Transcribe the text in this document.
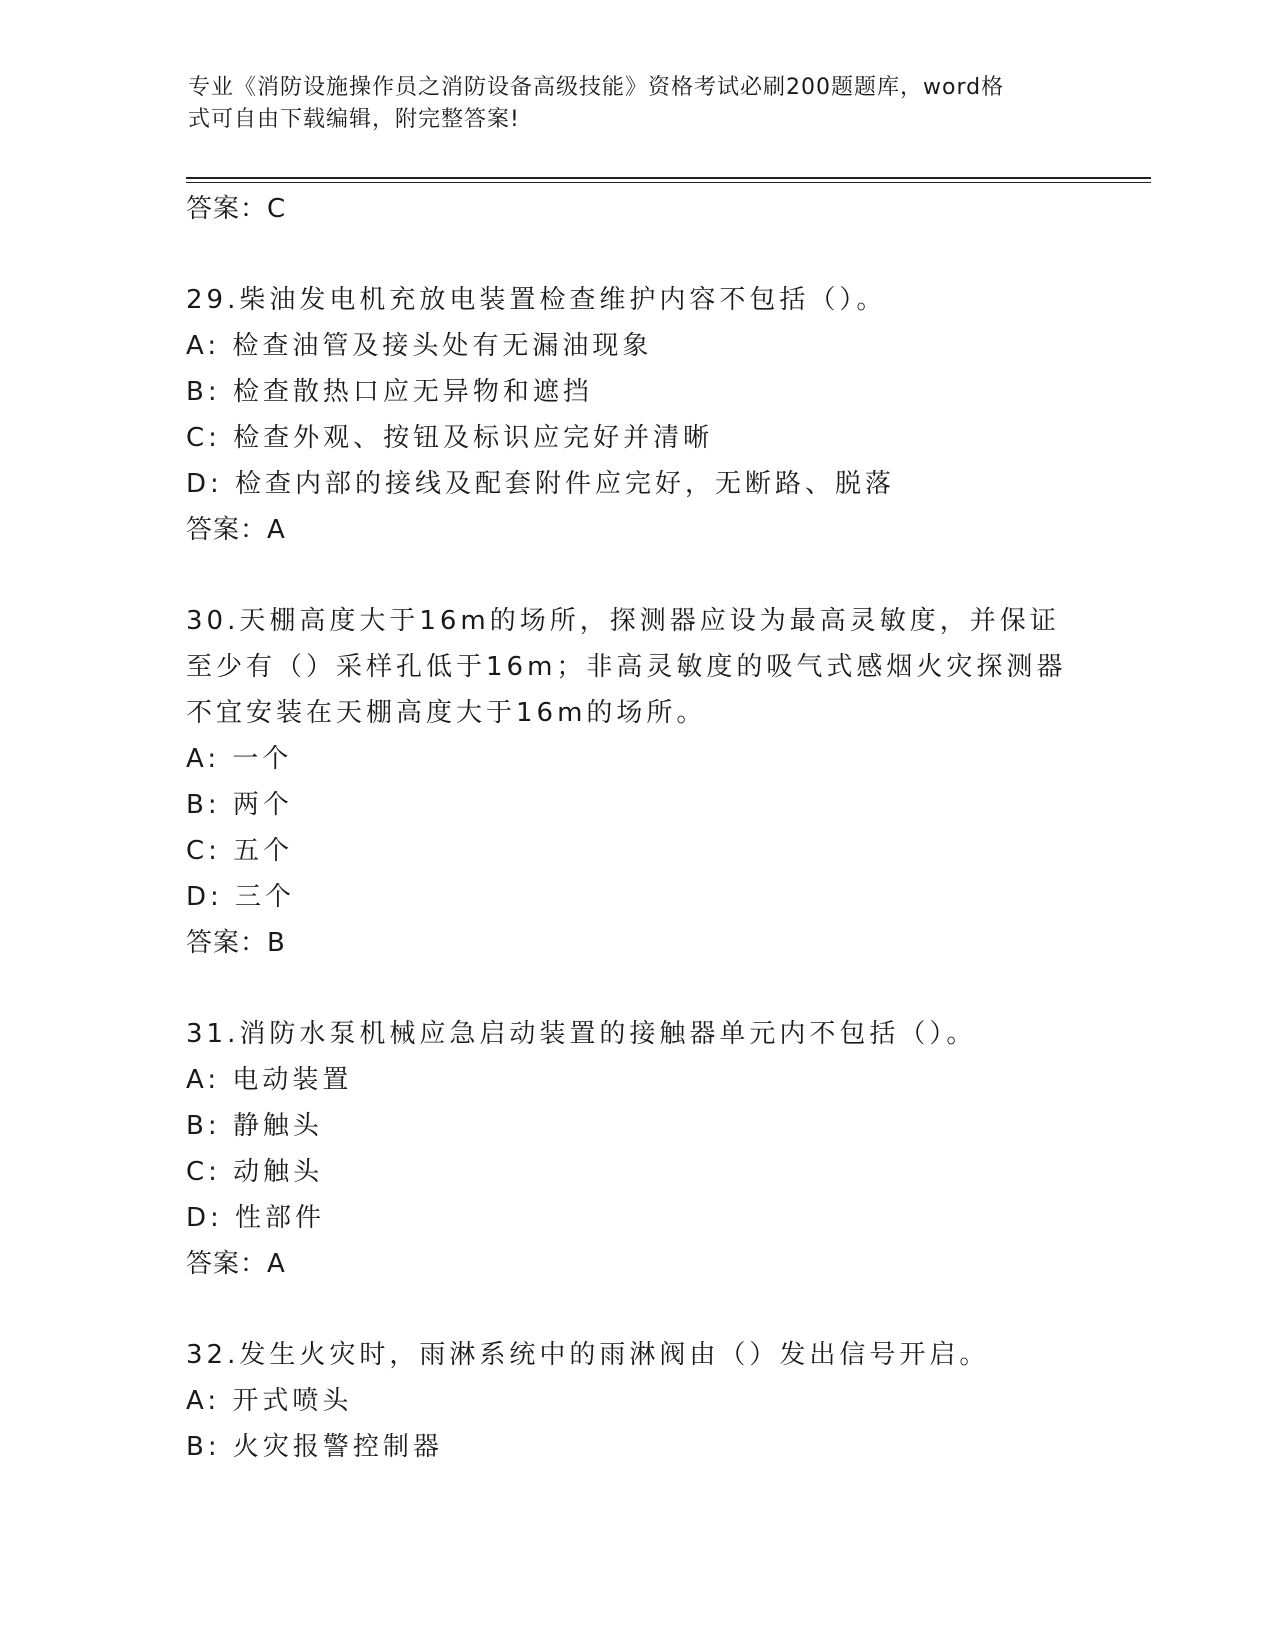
专业《消防设施操作员之消防设备高级技能》资格考试必刷200题题库，word格
式可自由下载编辑，附完整答案!
答案：C
29.柴油发电机充放电装置检查维护内容不包括（）。
A: 检查油管及接头处有无漏油现象
B: 检查散热口应无异物和遮挡
C: 检查外观、按钮及标识应完好并清晰
D: 检查内部的接线及配套附件应完好，无断路、脱落
答案：A
30.天棚高度大于16m的场所，探测器应设为最高灵敏度，并保证至少有（）采样孔低于16m；非高灵敏度的吸气式感烟火灾探测器不宜安装在天棚高度大于16m的场所。
A: 一个
B: 两个
C: 五个
D: 三个
答案：B
31.消防水泵机械应急启动装置的接触器单元内不包括（）。
A: 电动装置
B: 静触头
C: 动触头
D: 性部件
答案：A
32.发生火灾时，雨淋系统中的雨淋阀由（）发出信号开启。
A: 开式喷头
B: 火灾报警控制器
